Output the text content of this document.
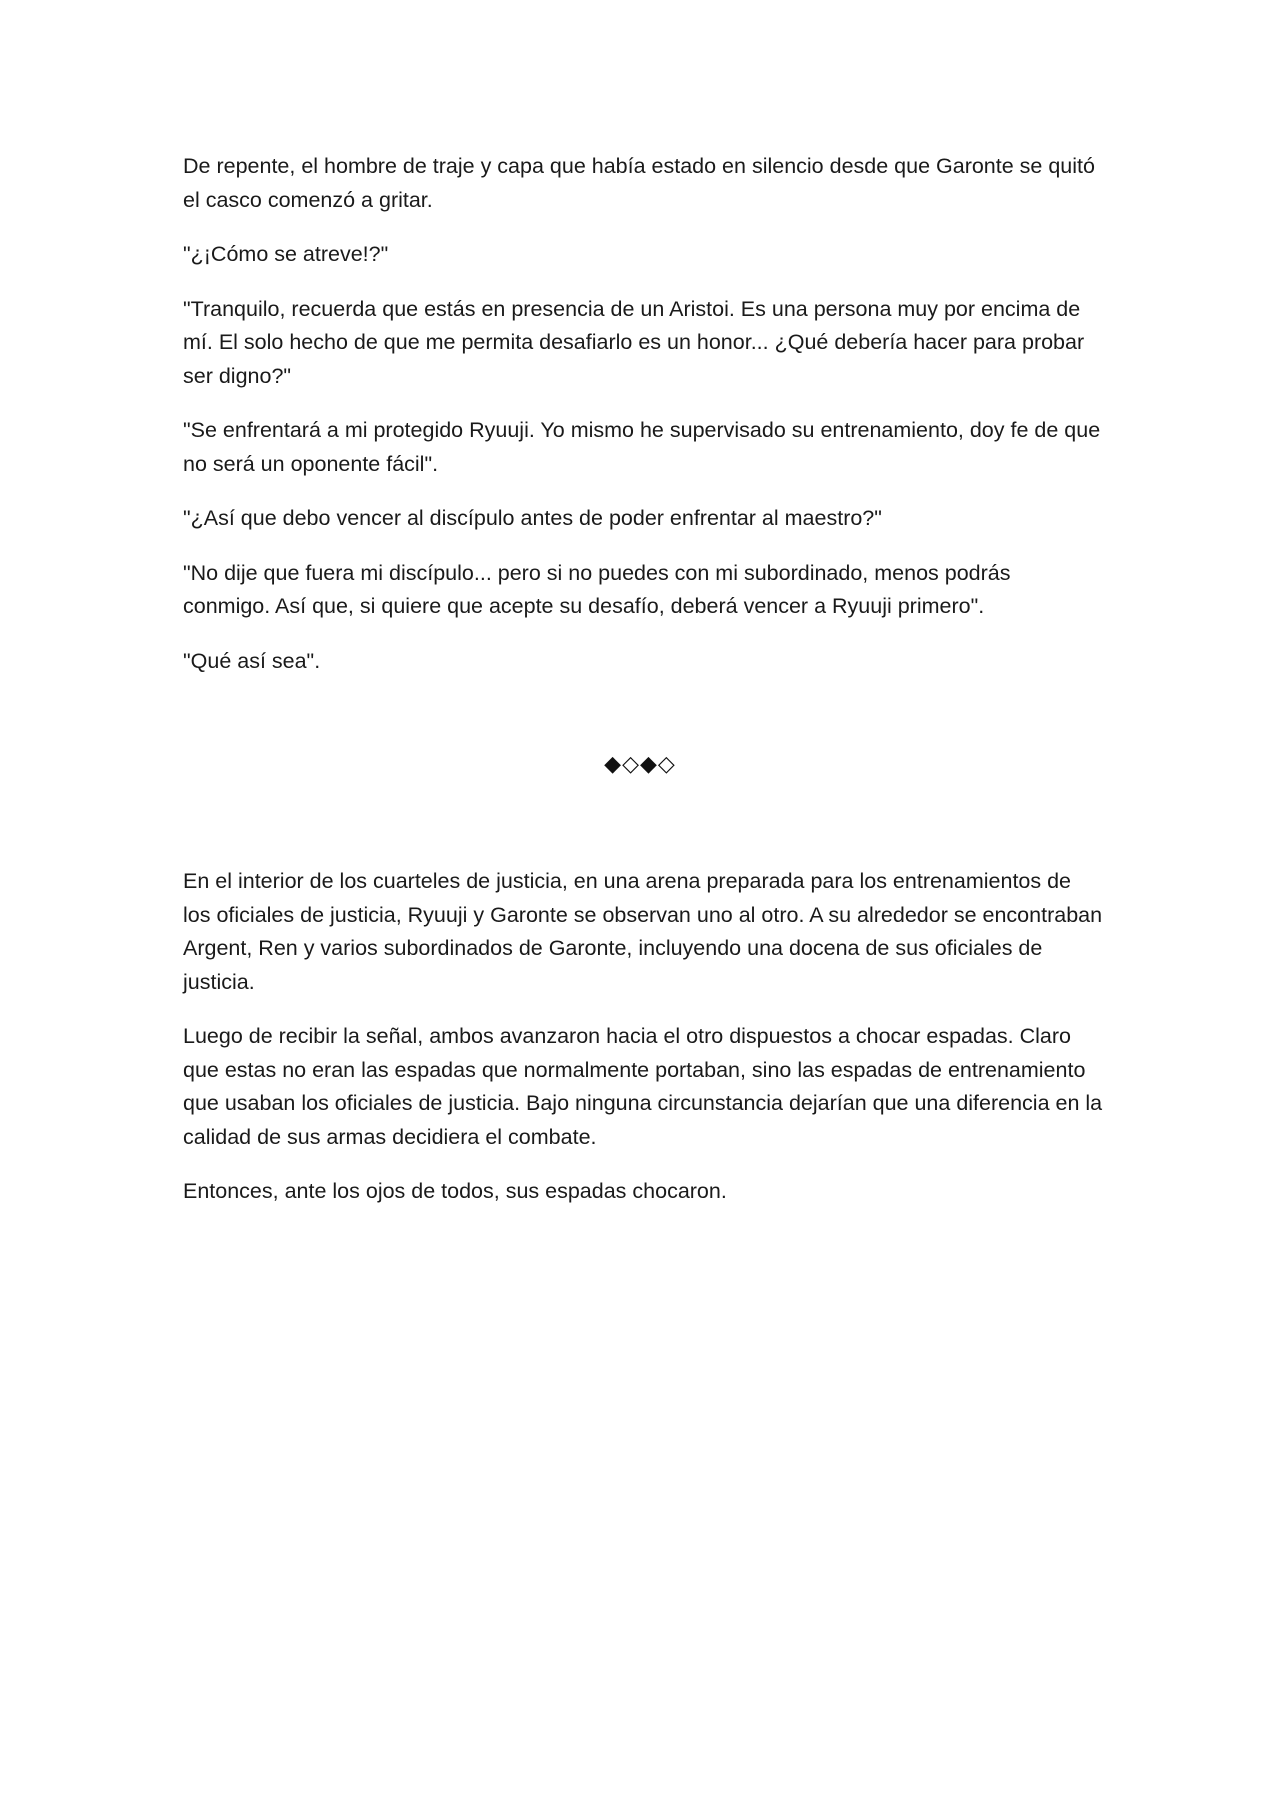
De repente, el hombre de traje y capa que había estado en silencio desde que Garonte se quitó el casco comenzó a gritar.

"¿¡Cómo se atreve!?"

"Tranquilo, recuerda que estás en presencia de un Aristoi. Es una persona muy por encima de mí. El solo hecho de que me permita desafiarlo es un honor... ¿Qué debería hacer para probar ser digno?"

"Se enfrentará a mi protegido Ryuuji. Yo mismo he supervisado su entrenamiento, doy fe de que no será un oponente fácil".

"¿Así que debo vencer al discípulo antes de poder enfrentar al maestro?"

"No dije que fuera mi discípulo... pero si no puedes con mi subordinado, menos podrás conmigo. Así que, si quiere que acepte su desafío, deberá vencer a Ryuuji primero".

"Qué así sea".

◆◇◆◇

En el interior de los cuarteles de justicia, en una arena preparada para los entrenamientos de los oficiales de justicia, Ryuuji y Garonte se observan uno al otro. A su alrededor se encontraban Argent, Ren y varios subordinados de Garonte, incluyendo una docena de sus oficiales de justicia.

Luego de recibir la señal, ambos avanzaron hacia el otro dispuestos a chocar espadas. Claro que estas no eran las espadas que normalmente portaban, sino las espadas de entrenamiento que usaban los oficiales de justicia. Bajo ninguna circunstancia dejarían que una diferencia en la calidad de sus armas decidiera el combate.

Entonces, ante los ojos de todos, sus espadas chocaron.
